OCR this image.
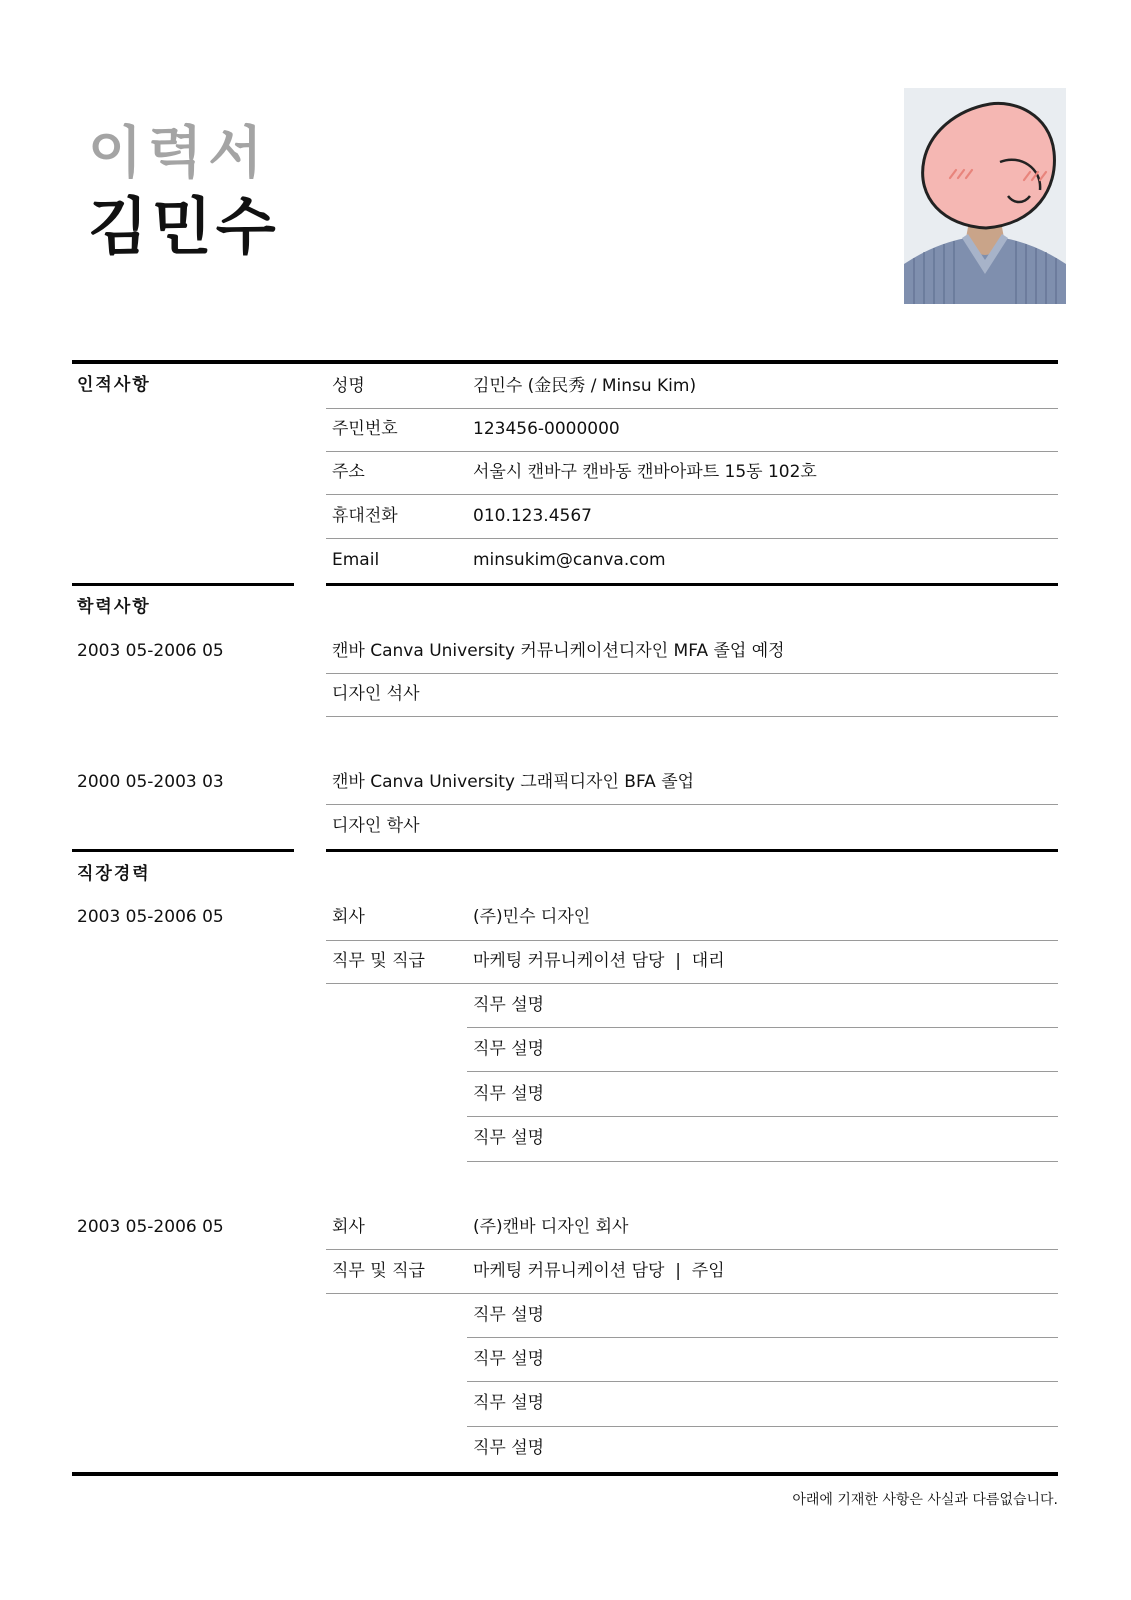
이력서
김민수
인적사항	성명	김민수 (金民秀 / Minsu Kim)
주민번호	123456-0000000
주소	서울시 캔바구 캔바동 캔바아파트 15동 102호
휴대전화	010.123.4567
Email	minsukim@canva.com
학력사항
2003 05-2006 05	캔바 Canva University 커뮤니케이션디자인 MFA 졸업 예정
디자인 석사
2000 05-2003 03	캔바 Canva University 그래픽디자인 BFA 졸업
디자인 학사
직장경력
2003 05-2006 05	회사	(주)민수 디자인
직무 및 직급	마케팅 커뮤니케이션 담당  |  대리
직무 설명
직무 설명
직무 설명
직무 설명
2003 05-2006 05	회사	(주)캔바 디자인 회사
직무 및 직급	마케팅 커뮤니케이션 담당  |  주임
직무 설명
직무 설명
직무 설명
직무 설명
아래에 기재한 사항은 사실과 다름없습니다.
